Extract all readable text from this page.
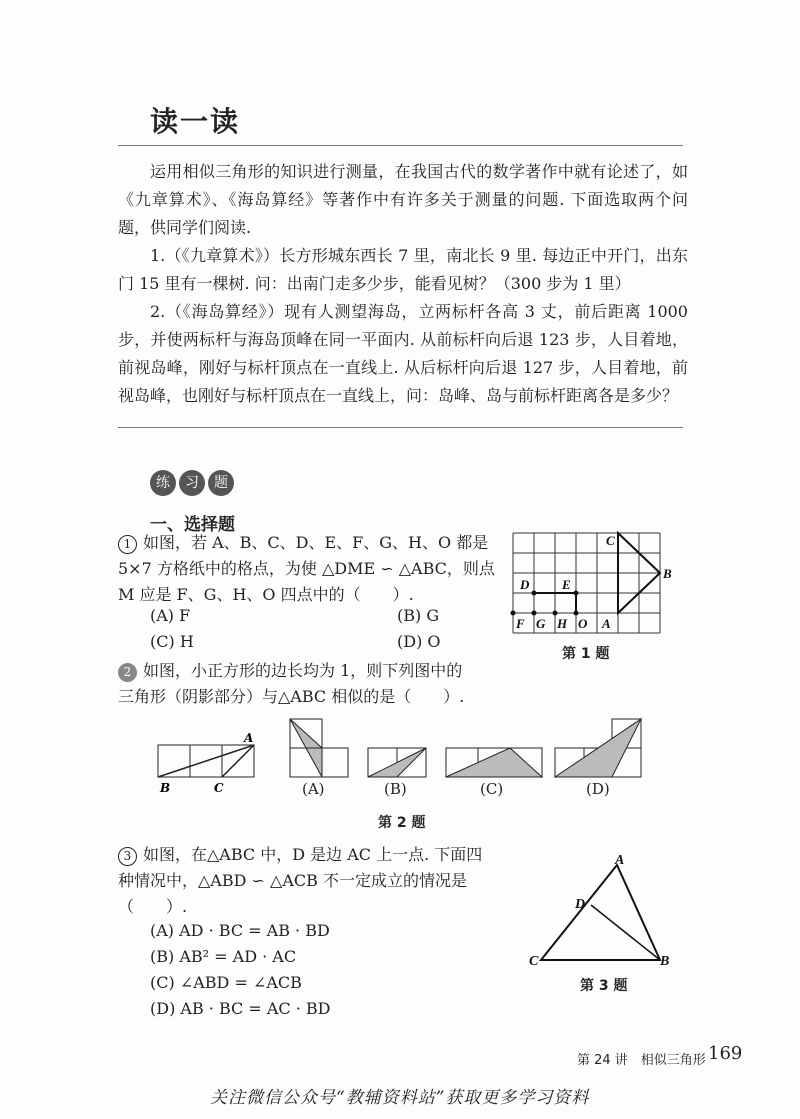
读一读

运用相似三角形的知识进行测量，在我国古代的数学著作中就有论述了，如《九章算术》、《海岛算经》等著作中有许多关于测量的问题. 下面选取两个问题，供同学们阅读.

1.（《九章算术》）长方形城东西长 7 里，南北长 9 里. 每边正中开门，出东门 15 里有一棵树. 问：出南门走多少步，能看见树？（300 步为 1 里）

2.（《海岛算经》）现有人测望海岛，立两标杆各高 3 丈，前后距离 1000 步，并使两标杆与海岛顶峰在同一平面内. 从前标杆向后退 123 步，人目着地，前视岛峰，刚好与标杆顶点在一直线上. 从后标杆向后退 127 步，人目着地，前视岛峰，也刚好与标杆顶点在一直线上，问：岛峰、岛与前标杆距离各是多少？

练 习 题
一、选择题
1 如图，若 A、B、C、D、E、F、G、H、O 都是
5×7 方格纸中的格点，为使 △DME ∽ △ABC，则点
M 应是 F、G、H、O 四点中的（　　）.
(A) F	(B) G
(C) H	(D) O
C
B
D	E
F G H O A
第 1 题
2 如图，小正方形的边长均为 1，则下列图中的
三角形（阴影部分）与△ABC 相似的是（　　）.
B	C
A
(A)	(B)	(C)	(D)
第 2 题
3 如图，在△ABC 中，D 是边 AC 上一点. 下面四
种情况中，△ABD ∽ △ACB 不一定成立的情况是
（　　）.
(A) AD · BC = AB · BD
(B) AB² = AD · AC
(C) ∠ABD = ∠ACB
(D) AB · BC = AC · BD
A
D
C	B
第 3 题
第 24 讲　相似三角形 169
关注微信公众号“教辅资料站”获取更多学习资料
